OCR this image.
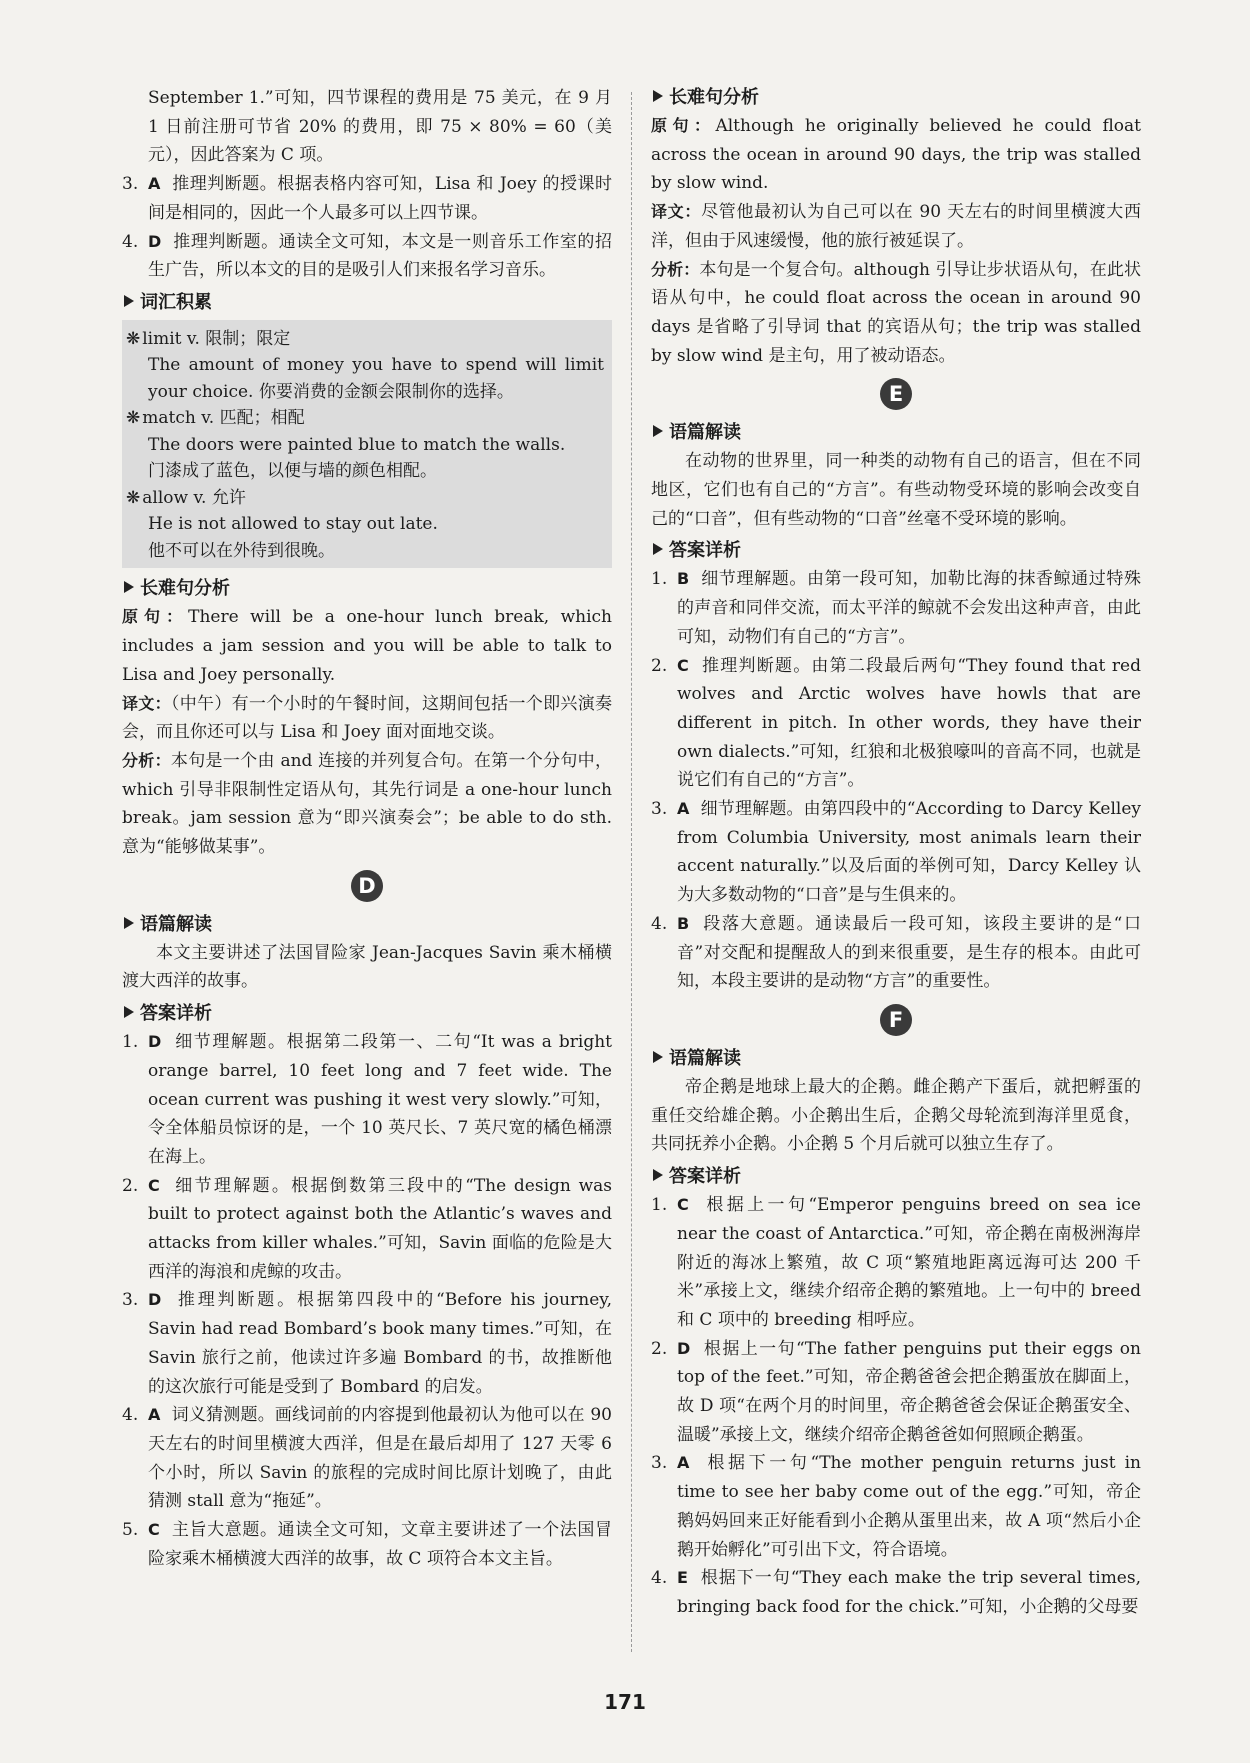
September 1.”可知，四节课程的费用是 75 美元，在 9 月 1 日前注册可节省 20% 的费用，即 75 × 80% = 60（美元），因此答案为 C 项。

3. A 推理判断题。根据表格内容可知，Lisa 和 Joey 的授课时间是相同的，因此一个人最多可以上四节课。
4. D 推理判断题。通读全文可知，本文是一则音乐工作室的招生广告，所以本文的目的是吸引人们来报名学习音乐。
词汇积累

❋ limit v. 限制；限定

The amount of money you have to spend will limit your choice. 你要消费的金额会限制你的选择。

❋ match v. 匹配；相配

The doors were painted blue to match the walls.

门漆成了蓝色，以便与墙的颜色相配。

❋ allow v. 允许

He is not allowed to stay out late.

他不可以在外待到很晚。

长难句分析

原句：There will be a one-hour lunch break, which includes a jam session and you will be able to talk to Lisa and Joey personally.

译文：（中午）有一个小时的午餐时间，这期间包括一个即兴演奏会，而且你还可以与 Lisa 和 Joey 面对面地交谈。

分析：本句是一个由 and 连接的并列复合句。在第一个分句中，which 引导非限制性定语从句，其先行词是 a one-hour lunch break。jam session 意为“即兴演奏会”；be able to do sth. 意为“能够做某事”。

D
语篇解读

本文主要讲述了法国冒险家 Jean-Jacques Savin 乘木桶横渡大西洋的故事。

答案详析
1. D 细节理解题。根据第二段第一、二句“It was a bright orange barrel, 10 feet long and 7 feet wide. The ocean current was pushing it west very slowly.”可知，令全体船员惊讶的是，一个 10 英尺长、7 英尺宽的橘色桶漂在海上。
2. C 细节理解题。根据倒数第三段中的“The design was built to protect against both the Atlantic’s waves and attacks from killer whales.”可知，Savin 面临的危险是大西洋的海浪和虎鲸的攻击。
3. D 推理判断题。根据第四段中的“Before his journey, Savin had read Bombard’s book many times.”可知，在 Savin 旅行之前，他读过许多遍 Bombard 的书，故推断他的这次旅行可能是受到了 Bombard 的启发。
4. A 词义猜测题。画线词前的内容提到他最初认为他可以在 90 天左右的时间里横渡大西洋，但是在最后却用了 127 天零 6 个小时，所以 Savin 的旅程的完成时间比原计划晚了，由此猜测 stall 意为“拖延”。
5. C 主旨大意题。通读全文可知，文章主要讲述了一个法国冒险家乘木桶横渡大西洋的故事，故 C 项符合本文主旨。
长难句分析

原句：Although he originally believed he could float across the ocean in around 90 days, the trip was stalled by slow wind.

译文：尽管他最初认为自己可以在 90 天左右的时间里横渡大西洋，但由于风速缓慢，他的旅行被延误了。

分析：本句是一个复合句。although 引导让步状语从句，在此状语从句中，he could float across the ocean in around 90 days 是省略了引导词 that 的宾语从句；the trip was stalled by slow wind 是主句，用了被动语态。

E
语篇解读

在动物的世界里，同一种类的动物有自己的语言，但在不同地区，它们也有自己的“方言”。有些动物受环境的影响会改变自己的“口音”，但有些动物的“口音”丝毫不受环境的影响。

答案详析
1. B 细节理解题。由第一段可知，加勒比海的抹香鲸通过特殊的声音和同伴交流，而太平洋的鲸就不会发出这种声音，由此可知，动物们有自己的“方言”。
2. C 推理判断题。由第二段最后两句“They found that red wolves and Arctic wolves have howls that are different in pitch. In other words, they have their own dialects.”可知，红狼和北极狼嚎叫的音高不同，也就是说它们有自己的“方言”。
3. A 细节理解题。由第四段中的“According to Darcy Kelley from Columbia University, most animals learn their accent naturally.”以及后面的举例可知，Darcy Kelley 认为大多数动物的“口音”是与生俱来的。
4. B 段落大意题。通读最后一段可知，该段主要讲的是“口音”对交配和提醒敌人的到来很重要，是生存的根本。由此可知，本段主要讲的是动物“方言”的重要性。
F
语篇解读

帝企鹅是地球上最大的企鹅。雌企鹅产下蛋后，就把孵蛋的重任交给雄企鹅。小企鹅出生后，企鹅父母轮流到海洋里觅食，共同抚养小企鹅。小企鹅 5 个月后就可以独立生存了。

答案详析
1. C 根据上一句“Emperor penguins breed on sea ice near the coast of Antarctica.”可知，帝企鹅在南极洲海岸附近的海冰上繁殖，故 C 项“繁殖地距离远海可达 200 千米”承接上文，继续介绍帝企鹅的繁殖地。上一句中的 breed 和 C 项中的 breeding 相呼应。
2. D 根据上一句“The father penguins put their eggs on top of the feet.”可知，帝企鹅爸爸会把企鹅蛋放在脚面上，故 D 项“在两个月的时间里，帝企鹅爸爸会保证企鹅蛋安全、温暖”承接上文，继续介绍帝企鹅爸爸如何照顾企鹅蛋。
3. A 根据下一句“The mother penguin returns just in time to see her baby come out of the egg.”可知，帝企鹅妈妈回来正好能看到小企鹅从蛋里出来，故 A 项“然后小企鹅开始孵化”可引出下文，符合语境。
4. E 根据下一句“They each make the trip several times, bringing back food for the chick.”可知，小企鹅的父母要
171
